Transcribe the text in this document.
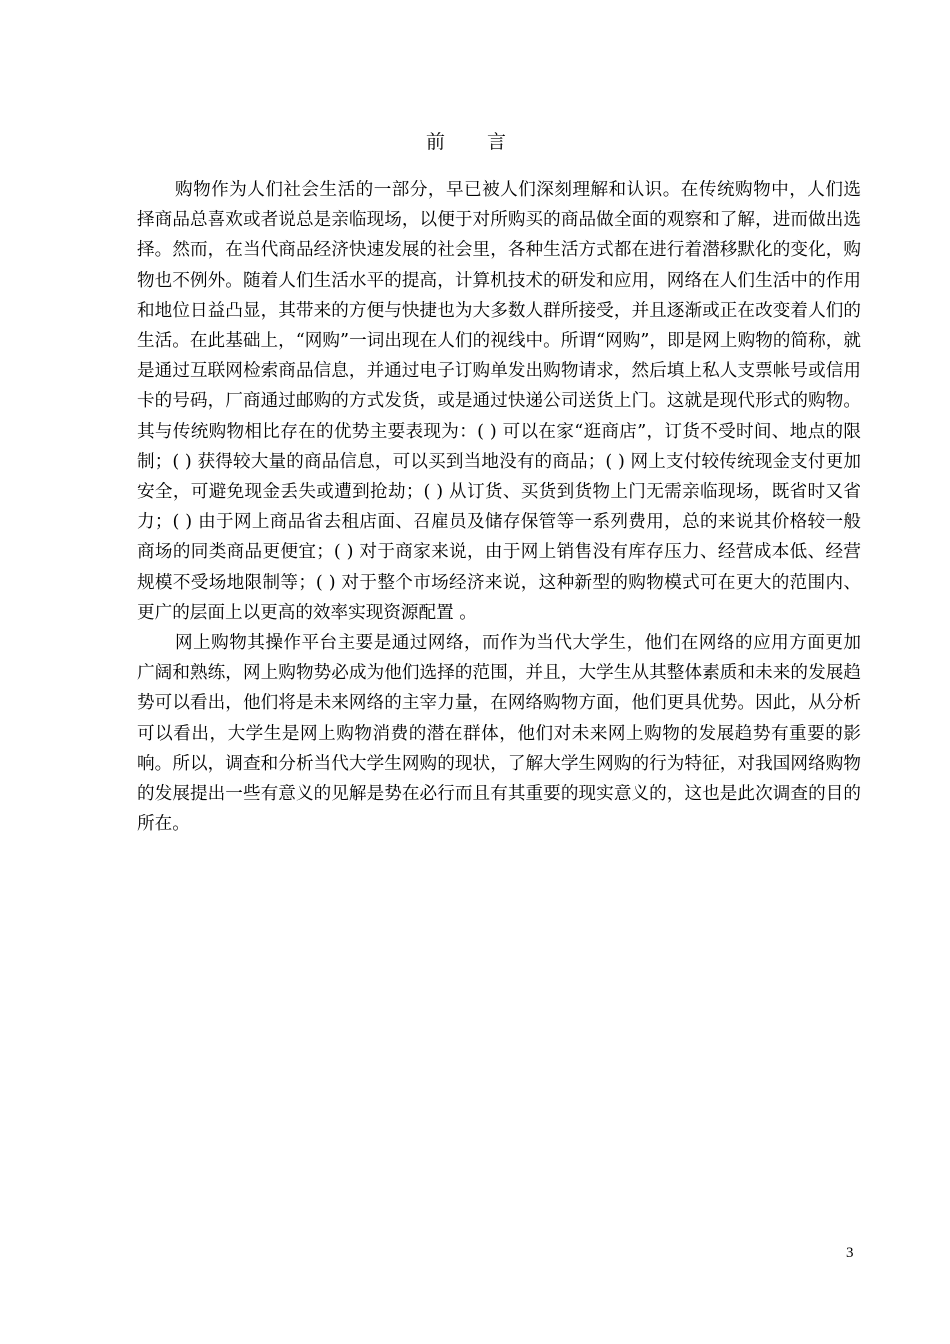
前 言

购物作为人们社会生活的一部分，早已被人们深刻理解和认识。在传统购物中，人们选择商品总喜欢或者说总是亲临现场，以便于对所购买的商品做全面的观察和了解，进而做出选择。然而，在当代商品经济快速发展的社会里，各种生活方式都在进行着潜移默化的变化，购物也不例外。随着人们生活水平的提高，计算机技术的研发和应用，网络在人们生活中的作用和地位日益凸显，其带来的方便与快捷也为大多数人群所接受，并且逐渐或正在改变着人们的生活。在此基础上，“网购”一词出现在人们的视线中。所谓“网购”，即是网上购物的简称，就是通过互联网检索商品信息，并通过电子订购单发出购物请求，然后填上私人支票帐号或信用卡的号码，厂商通过邮购的方式发货，或是通过快递公司送货上门。这就是现代形式的购物。其与传统购物相比存在的优势主要表现为：( ) 可以在家“逛商店”，订货不受时间、地点的限制；( ) 获得较大量的商品信息，可以买到当地没有的商品；( ) 网上支付较传统现金支付更加安全，可避免现金丢失或遭到抢劫；( ) 从订货、买货到货物上门无需亲临现场，既省时又省力；( ) 由于网上商品省去租店面、召雇员及储存保管等一系列费用，总的来说其价格较一般商场的同类商品更便宜；( ) 对于商家来说，由于网上销售没有库存压力、经营成本低、经营规模不受场地限制等；( ) 对于整个市场经济来说，这种新型的购物模式可在更大的范围内、更广的层面上以更高的效率实现资源配置 。

网上购物其操作平台主要是通过网络，而作为当代大学生，他们在网络的应用方面更加广阔和熟练，网上购物势必成为他们选择的范围，并且，大学生从其整体素质和未来的发展趋势可以看出，他们将是未来网络的主宰力量，在网络购物方面，他们更具优势。因此，从分析可以看出，大学生是网上购物消费的潜在群体，他们对未来网上购物的发展趋势有重要的影响。所以，调查和分析当代大学生网购的现状，了解大学生网购的行为特征，对我国网络购物的发展提出一些有意义的见解是势在必行而且有其重要的现实意义的，这也是此次调查的目的所在。

3
